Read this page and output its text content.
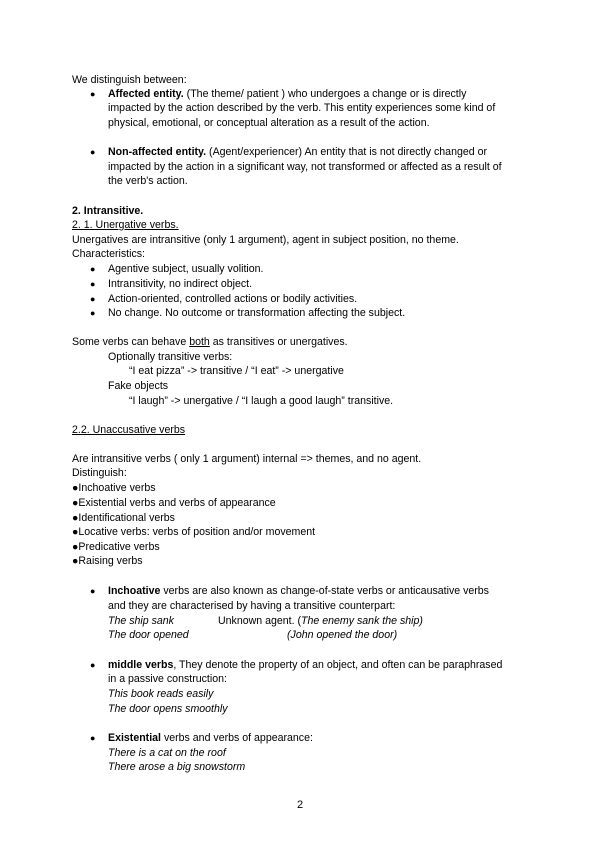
We distinguish between:
● Affected entity. (The theme/ patient ) who undergoes a change or is directly
impacted by the action described by the verb. This entity experiences some kind of
physical, emotional, or conceptual alteration as a result of the action.
● Non-affected entity. (Agent/experiencer) An entity that is not directly changed or
impacted by the action in a significant way, not transformed or affected as a result of
the verb's action.
2. Intransitive.
2. 1. Unergative verbs.
Unergatives are intransitive (only 1 argument), agent in subject position, no theme.
Characteristics:
● Agentive subject, usually volition.
● Intransitivity, no indirect object.
● Action-oriented, controlled actions or bodily activities.
● No change. No outcome or transformation affecting the subject.
Some verbs can behave both as transitives or unergatives.
Optionally transitive verbs:
“I eat pizza” -> transitive / “I eat” -> unergative
Fake objects
“I laugh” -> unergative / “I laugh a good laugh” transitive.
2.2. Unaccusative verbs
Are intransitive verbs ( only 1 argument) internal => themes, and no agent.
Distinguish:
●Inchoative verbs
●Existential verbs and verbs of appearance
●Identificational verbs
●Locative verbs: verbs of position and/or movement
●Predicative verbs
●Raising verbs
● Inchoative verbs are also known as change-of-state verbs or anticausative verbs
and they are characterised by having a transitive counterpart:
The ship sank	Unknown agent. (The enemy sank the ship)
The door opened	(John opened the door)
● middle verbs, They denote the property of an object, and often can be paraphrased
in a passive construction:
This book reads easily
The door opens smoothly
● Existential verbs and verbs of appearance:
There is a cat on the roof
There arose a big snowstorm
2
